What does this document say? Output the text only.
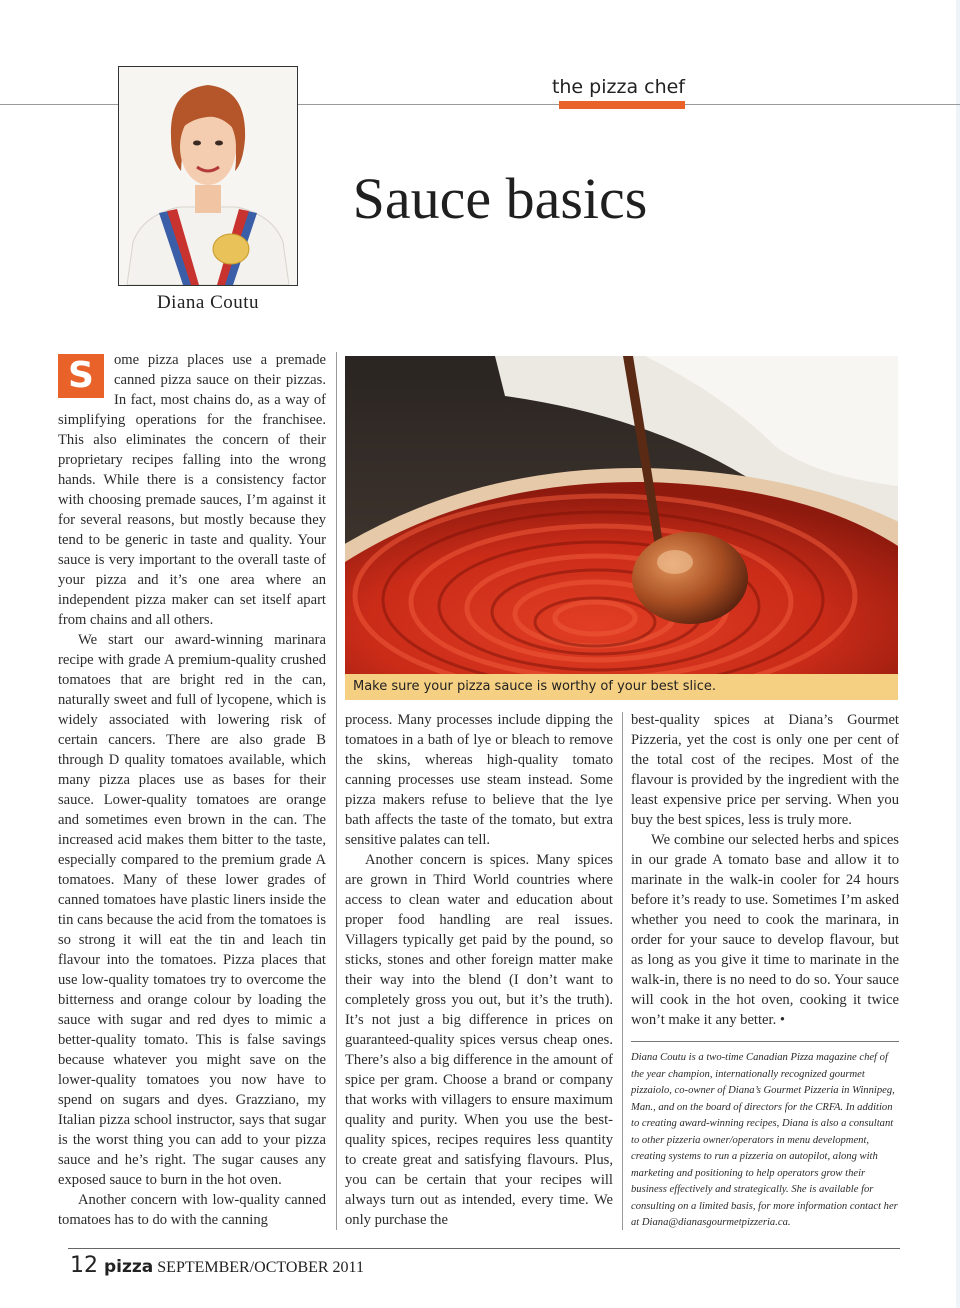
the pizza chef
Diana Coutu
Sauce basics

S	ome pizza places use a premade canned pizza sauce on their pizzas. In fact, most chains do, as a way of simplifying operations for the franchisee. This also eliminates the concern of their proprietary recipes falling into the wrong hands. While there is a consistency factor with choosing premade sauces, I’m against it for several reasons, but mostly because they tend to be generic in taste and quality. Your sauce is very important to the overall taste of your pizza and it’s one area where an independent pizza maker can set itself apart from chains and all others.

We start our award-winning marinara recipe with grade A premium-quality crushed tomatoes that are bright red in the can, naturally sweet and full of lycopene, which is widely associated with lowering risk of certain cancers. There are also grade B through D quality tomatoes available, which many pizza places use as bases for their sauce. Lower-quality tomatoes are orange and sometimes even brown in the can. The increased acid makes them bitter to the taste, especially compared to the premium grade A tomatoes. Many of these lower grades of canned tomatoes have plastic liners inside the tin cans because the acid from the tomatoes is so strong it will eat the tin and leach tin flavour into the tomatoes. Pizza places that use low-quality tomatoes try to overcome the bitterness and orange colour by loading the sauce with sugar and red dyes to mimic a better-quality tomato. This is false savings because whatever you might save on the lower-quality tomatoes you now have to spend on sugars and dyes. Grazziano, my Italian pizza school instructor, says that sugar is the worst thing you can add to your pizza sauce and he’s right. The sugar causes any exposed sauce to burn in the hot oven.

Another concern with low-quality canned tomatoes has to do with the canning

Make sure your pizza sauce is worthy of your best slice.

process. Many processes include dipping the tomatoes in a bath of lye or bleach to remove the skins, whereas high-quality tomato canning processes use steam instead. Some pizza makers refuse to believe that the lye bath affects the taste of the tomato, but extra sensitive palates can tell.

Another concern is spices. Many spices are grown in Third World countries where access to clean water and education about proper food handling are real issues. Villagers typically get paid by the pound, so sticks, stones and other foreign matter make their way into the blend (I don’t want to completely gross you out, but it’s the truth). It’s not just a big difference in prices on guaranteed-quality spices versus cheap ones. There’s also a big difference in the amount of spice per gram. Choose a brand or company that works with villagers to ensure maximum quality and purity. When you use the best-quality spices, recipes requires less quantity to create great and satisfying flavours. Plus, you can be certain that your recipes will always turn out as intended, every time. We only purchase the

best-quality spices at Diana’s Gourmet Pizzeria, yet the cost is only one per cent of the total cost of the recipes. Most of the flavour is provided by the ingredient with the least expensive price per serving. When you buy the best spices, less is truly more.

We combine our selected herbs and spices in our grade A tomato base and allow it to marinate in the walk-in cooler for 24 hours before it’s ready to use. Sometimes I’m asked whether you need to cook the marinara, in order for your sauce to develop flavour, but as long as you give it time to marinate in the walk-in, there is no need to do so. Your sauce will cook in the hot oven, cooking it twice won’t make it any better. •

Diana Coutu is a two-time Canadian Pizza magazine chef of the year champion, internationally recognized gourmet pizzaiolo, co-owner of Diana’s Gourmet Pizzeria in Winnipeg, Man., and on the board of directors for the CRFA. In addition to creating award-winning recipes, Diana is also a consultant to other pizzeria owner/operators in menu development, creating systems to run a pizzeria on autopilot, along with marketing and positioning to help operators grow their business effectively and strategically. She is available for consulting on a limited basis, for more information contact her at Diana@dianasgourmetpizzeria.ca.
12 pizza SEPTEMBER/OCTOBER 2011
